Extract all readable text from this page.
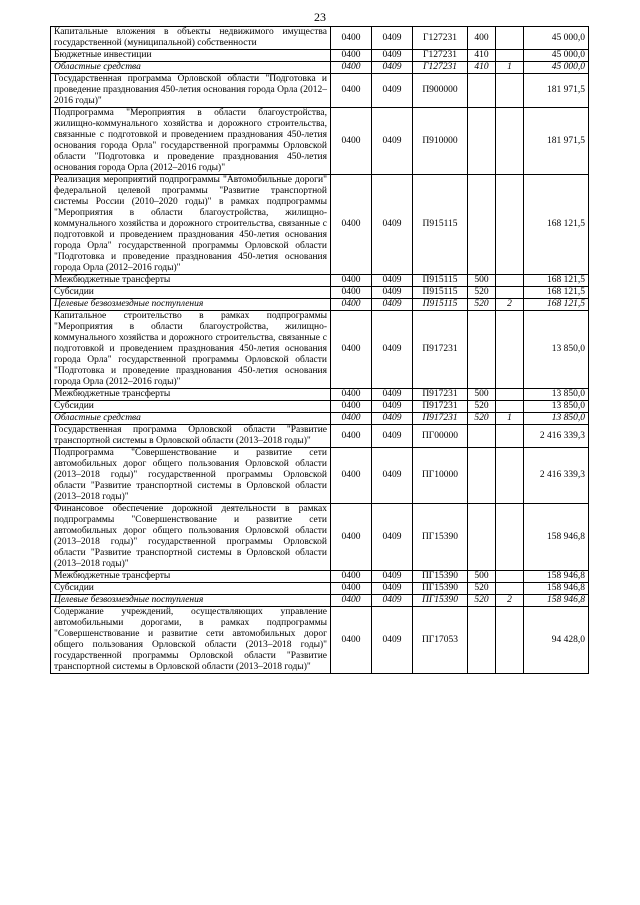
23
Капитальные вложения в объекты недвижимого имущества государственной (муниципальной) собственности	0400	0409	Г127231	400		45 000,0
Бюджетные инвестиции	0400	0409	Г127231	410		45 000,0
Областные средства	0400	0409	Г127231	410	1	45 000,0
Государственная программа Орловской области "Подготовка и проведение празднования 450-летия основания города Орла (2012–2016 годы)"	0400	0409	П900000			181 971,5
Подпрограмма "Мероприятия в области благоустройства, жилищно-коммунального хозяйства и дорожного строительства, связанные с подготовкой и проведением празднования 450-летия основания города Орла" государственной программы Орловской области "Подготовка и проведение празднования 450-летия основания города Орла (2012–2016 годы)"	0400	0409	П910000			181 971,5
Реализация мероприятий подпрограммы "Автомобильные дороги" федеральной целевой программы "Развитие транспортной системы России (2010–2020 годы)" в рамках подпрограммы "Мероприятия в области благоустройства, жилищно-коммунального хозяйства и дорожного строительства, связанные с подготовкой и проведением празднования 450-летия основания города Орла" государственной программы Орловской области "Подготовка и проведение празднования 450-летия основания города Орла (2012–2016 годы)"	0400	0409	П915115			168 121,5
Межбюджетные трансферты	0400	0409	П915115	500		168 121,5
Субсидии	0400	0409	П915115	520		168 121,5
Целевые безвозмездные поступления	0400	0409	П915115	520	2	168 121,5
Капитальное строительство в рамках подпрограммы "Мероприятия в области благоустройства, жилищно-коммунального хозяйства и дорожного строительства, связанные с подготовкой и проведением празднования 450-летия основания города Орла" государственной программы Орловской области "Подготовка и проведение празднования 450-летия основания города Орла (2012–2016 годы)"	0400	0409	П917231			13 850,0
Межбюджетные трансферты	0400	0409	П917231	500		13 850,0
Субсидии	0400	0409	П917231	520		13 850,0
Областные средства	0400	0409	П917231	520	1	13 850,0
Государственная программа Орловской области "Развитие транспортной системы в Орловской области (2013–2018 годы)"	0400	0409	ПГ00000			2 416 339,3
Подпрограмма "Совершенствование и развитие сети автомобильных дорог общего пользования Орловской области (2013–2018 годы)" государственной программы Орловской области "Развитие транспортной системы в Орловской области (2013–2018 годы)"	0400	0409	ПГ10000			2 416 339,3
Финансовое обеспечение дорожной деятельности в рамках подпрограммы "Совершенствование и развитие сети автомобильных дорог общего пользования Орловской области (2013–2018 годы)" государственной программы Орловской области "Развитие транспортной системы в Орловской области (2013–2018 годы)"	0400	0409	ПГ15390			158 946,8
Межбюджетные трансферты	0400	0409	ПГ15390	500		158 946,8
Субсидии	0400	0409	ПГ15390	520		158 946,8
Целевые безвозмездные поступления	0400	0409	ПГ15390	520	2	158 946,8
Содержание учреждений, осуществляющих управление автомобильными дорогами, в рамках подпрограммы "Совершенствование и развитие сети автомобильных дорог общего пользования Орловской области (2013–2018 годы)" государственной программы Орловской области "Развитие транспортной системы в Орловской области (2013–2018 годы)"	0400	0409	ПГ17053			94 428,0
